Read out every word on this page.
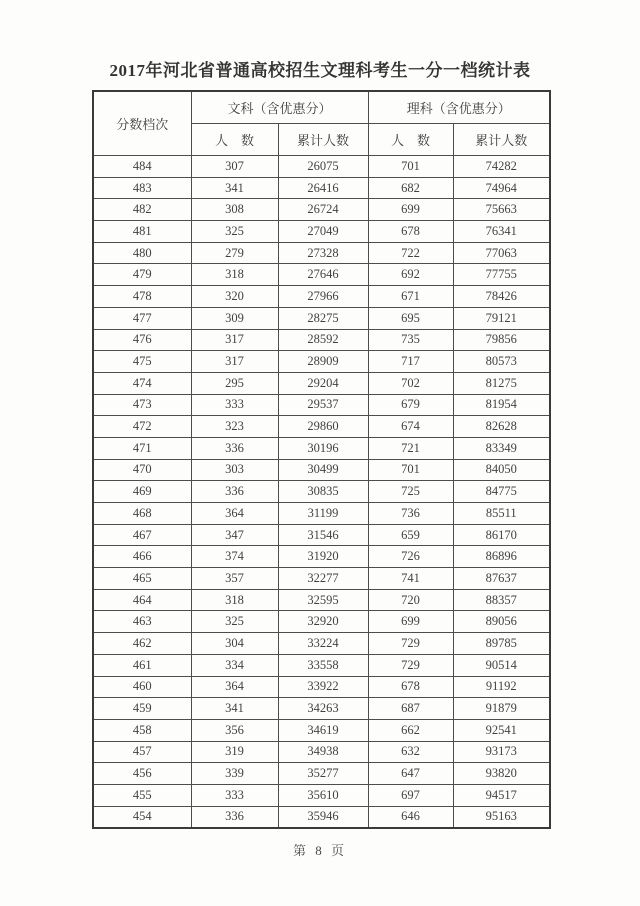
2017年河北省普通高校招生文理科考生一分一档统计表
分数档次	文科（含优惠分）		理科（含优惠分）	
	人　数	累计人数	人　数	累计人数
484	307	26075	701	74282
483	341	26416	682	74964
482	308	26724	699	75663
481	325	27049	678	76341
480	279	27328	722	77063
479	318	27646	692	77755
478	320	27966	671	78426
477	309	28275	695	79121
476	317	28592	735	79856
475	317	28909	717	80573
474	295	29204	702	81275
473	333	29537	679	81954
472	323	29860	674	82628
471	336	30196	721	83349
470	303	30499	701	84050
469	336	30835	725	84775
468	364	31199	736	85511
467	347	31546	659	86170
466	374	31920	726	86896
465	357	32277	741	87637
464	318	32595	720	88357
463	325	32920	699	89056
462	304	33224	729	89785
461	334	33558	729	90514
460	364	33922	678	91192
459	341	34263	687	91879
458	356	34619	662	92541
457	319	34938	632	93173
456	339	35277	647	93820
455	333	35610	697	94517
454	336	35946	646	95163
第 8 页
